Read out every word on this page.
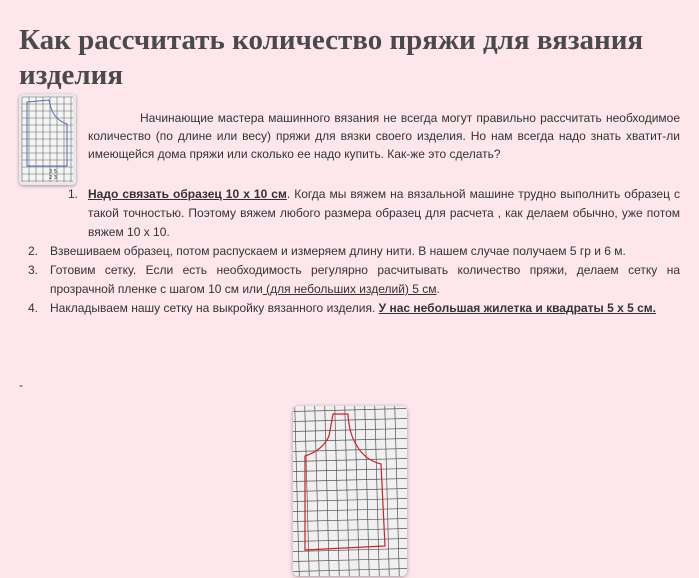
Как рассчитать количество пряжи для вязания изделия
3 5
2 3

Начинающие мастера машинного вязания не всегда могут правильно рассчитать необходимое количество (по длине или весу) пряжи для вязки своего изделия. Но нам всегда надо знать хватит-ли имеющейся дома пряжи или сколько ее надо купить. Как-же это сделать?

1. Надо связать образец 10 х 10 см. Когда мы вяжем на вязальной машине трудно выполнить образец с такой точностью. Поэтому вяжем любого размера образец для расчета , как делаем обычно, уже потом вяжем 10 х 10.
2. Взвешиваем образец, потом распускаем и измеряем длину нити. В нашем случае получаем 5 гр и 6 м.
3. Готовим сетку. Если есть необходимость регулярно расчитывать количество пряжи, делаем сетку на прозрачной пленке с шагом 10 см или (для небольших изделий) 5 см.
4. Накладываем нашу сетку на выкройку вязанного изделия. У нас небольшая жилетка и квадраты 5 х 5 см.
-
